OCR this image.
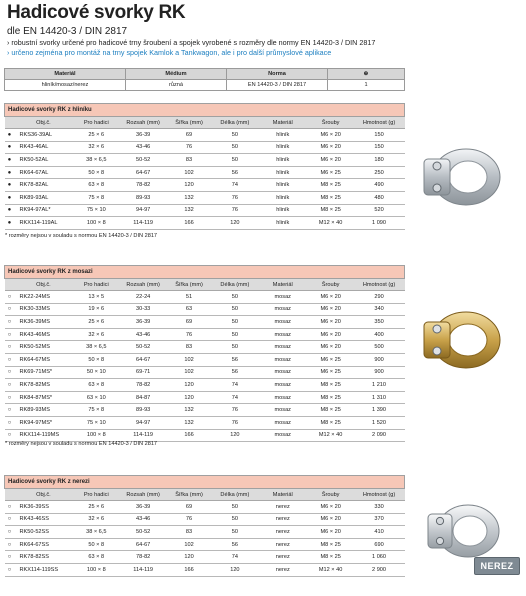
Hadicové svorky RK
dle EN 14420-3 / DIN 2817
› robustní svorky určené pro hadicové trny šroubení a spojek vyrobené s rozměry dle normy EN 14420-3 / DIN 2817
› určeno zejména pro montáž na trny spojek Kamlok a Tankwagon, ale i pro další průmyslové aplikace
Materiál	Médium	Norma	⊕
hliník/mosaz/nerez	různá	EN 14420-3 / DIN 2817	1
Hadicové svorky RK z hliníku								
	Obj.č.	Pro hadici	Rozsah (mm)	Šířka (mm)	Délka (mm)	Materiál	Šrouby	Hmotnost (g)
●	RKS36-39AL	25 × 6	36-39	69	50	hliník	M6 × 20	150
●	RK43-46AL	32 × 6	43-46	76	50	hliník	M6 × 20	150
●	RK50-52AL	38 × 6,5	50-52	83	50	hliník	M6 × 20	180
●	RK64-67AL	50 × 8	64-67	102	56	hliník	M6 × 25	250
●	RK78-82AL	63 × 8	78-82	120	74	hliník	M8 × 25	490
●	RK89-93AL	75 × 8	89-93	132	76	hliník	M8 × 25	480
●	RK94-97AL*	75 × 10	94-97	132	76	hliník	M8 × 25	520
●	RKX114-119AL	100 × 8	114-119	166	120	hliník	M12 × 40	1 090
* rozměry nejsou v souladu s normou EN 14420-3 / DIN 2817
Hadicové svorky RK z mosazi								
	Obj.č.	Pro hadici	Rozsah (mm)	Šířka (mm)	Délka (mm)	Materiál	Šrouby	Hmotnost (g)
○	RK22-24MS	13 × 5	22-24	51	50	mosaz	M6 × 20	290
○	RK30-33MS	19 × 6	30-33	63	50	mosaz	M6 × 20	340
○	RK36-39MS	25 × 6	36-39	69	50	mosaz	M6 × 20	350
○	RK43-46MS	32 × 6	43-46	76	50	mosaz	M6 × 20	400
○	RK50-52MS	38 × 6,5	50-52	83	50	mosaz	M6 × 20	500
○	RK64-67MS	50 × 8	64-67	102	56	mosaz	M6 × 25	900
○	RK69-71MS*	50 × 10	69-71	102	56	mosaz	M6 × 25	900
○	RK78-82MS	63 × 8	78-82	120	74	mosaz	M8 × 25	1 210
○	RK84-87MS*	63 × 10	84-87	120	74	mosaz	M8 × 25	1 310
○	RK89-93MS	75 × 8	89-93	132	76	mosaz	M8 × 25	1 390
○	RK94-97MS*	75 × 10	94-97	132	76	mosaz	M8 × 25	1 520
○	RKX114-119MS	100 × 8	114-119	166	120	mosaz	M12 × 40	2 090
* rozměry nejsou v souladu s normou EN 14420-3 / DIN 2817
Hadicové svorky RK z nerezi								
	Obj.č.	Pro hadici	Rozsah (mm)	Šířka (mm)	Délka (mm)	Materiál	Šrouby	Hmotnost (g)
○	RK36-39SS	25 × 6	36-39	69	50	nerez	M6 × 20	330
○	RK43-46SS	32 × 6	43-46	76	50	nerez	M6 × 20	370
○	RK50-52SS	38 × 6,5	50-52	83	50	nerez	M6 × 20	410
○	RK64-67SS	50 × 8	64-67	102	56	nerez	M8 × 25	690
○	RK78-82SS	63 × 8	78-82	120	74	nerez	M8 × 25	1 060
○	RKX114-119SS	100 × 8	114-119	166	120	nerez	M12 × 40	2 900	NEREZ
